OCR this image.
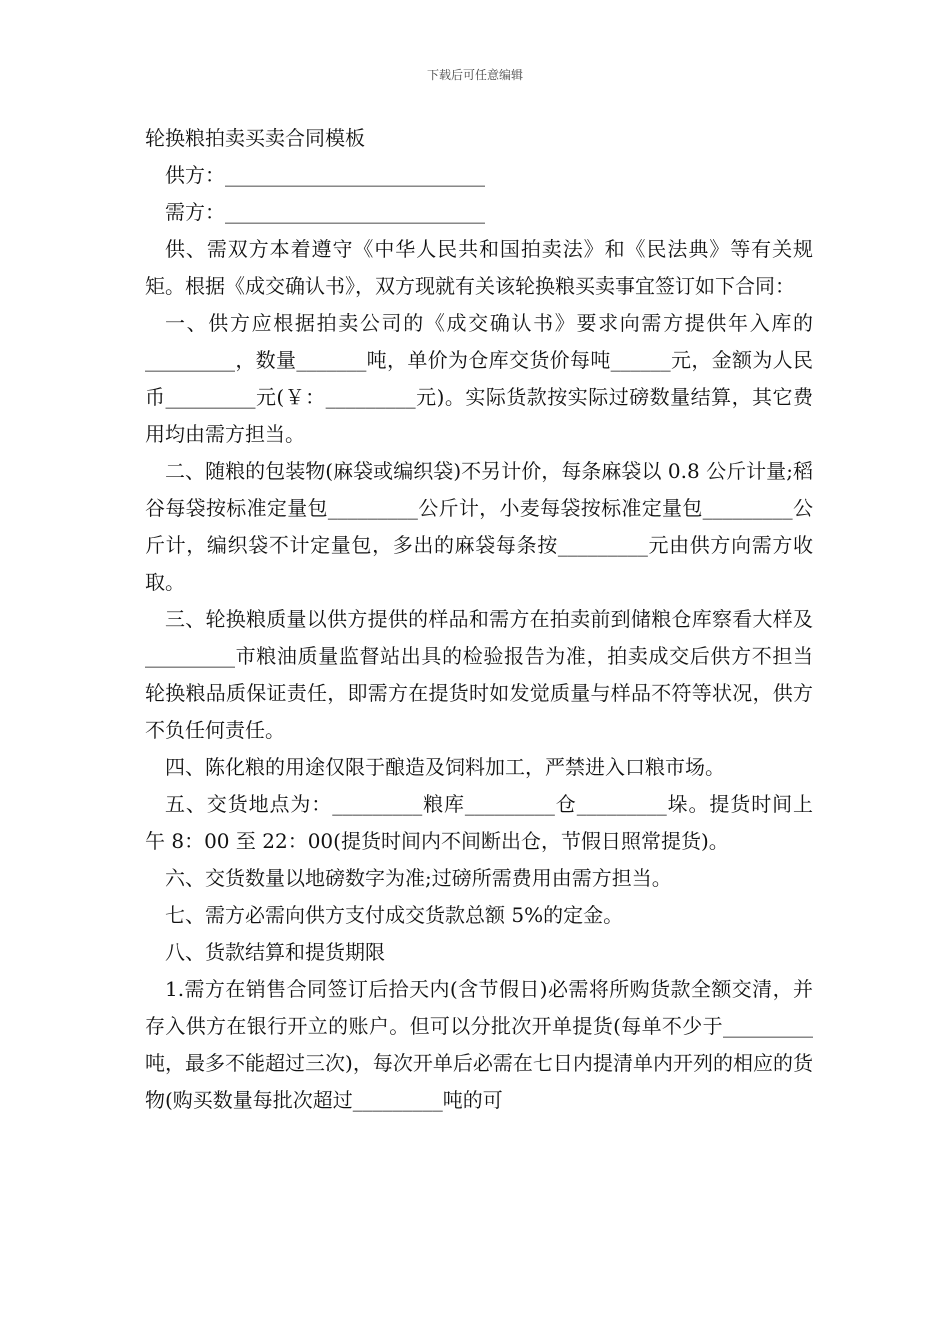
下载后可任意编辑

轮换粮拍卖买卖合同模板

供方：__________________________

需方：__________________________

供、需双方本着遵守《中华人民共和国拍卖法》和《民法典》等有关规矩。根据《成交确认书》，双方现就有关该轮换粮买卖事宜签订如下合同：

一、供方应根据拍卖公司的《成交确认书》要求向需方提供年入库的_________，数量_______吨，单价为仓库交货价每吨______元，金额为人民币_________元(￥：_________元)。实际货款按实际过磅数量结算，其它费用均由需方担当。

二、随粮的包装物(麻袋或编织袋)不另计价，每条麻袋以 0.8 公斤计量;稻谷每袋按标准定量包_________公斤计，小麦每袋按标准定量包_________公斤计，编织袋不计定量包，多出的麻袋每条按_________元由供方向需方收取。

三、轮换粮质量以供方提供的样品和需方在拍卖前到储粮仓库察看大样及_________市粮油质量监督站出具的检验报告为准，拍卖成交后供方不担当轮换粮品质保证责任，即需方在提货时如发觉质量与样品不符等状况，供方不负任何责任。

四、陈化粮的用途仅限于酿造及饲料加工，严禁进入口粮市场。

五、交货地点为：_________粮库_________仓_________垛。提货时间上午 8：00 至 22：00(提货时间内不间断出仓，节假日照常提货)。

六、交货数量以地磅数字为准;过磅所需费用由需方担当。

七、需方必需向供方支付成交货款总额 5%的定金。

八、货款结算和提货期限

1.需方在销售合同签订后拾天内(含节假日)必需将所购货款全额交清，并存入供方在银行开立的账户。但可以分批次开单提货(每单不少于_________吨，最多不能超过三次)，每次开单后必需在七日内提清单内开列的相应的货物(购买数量每批次超过_________吨的可
